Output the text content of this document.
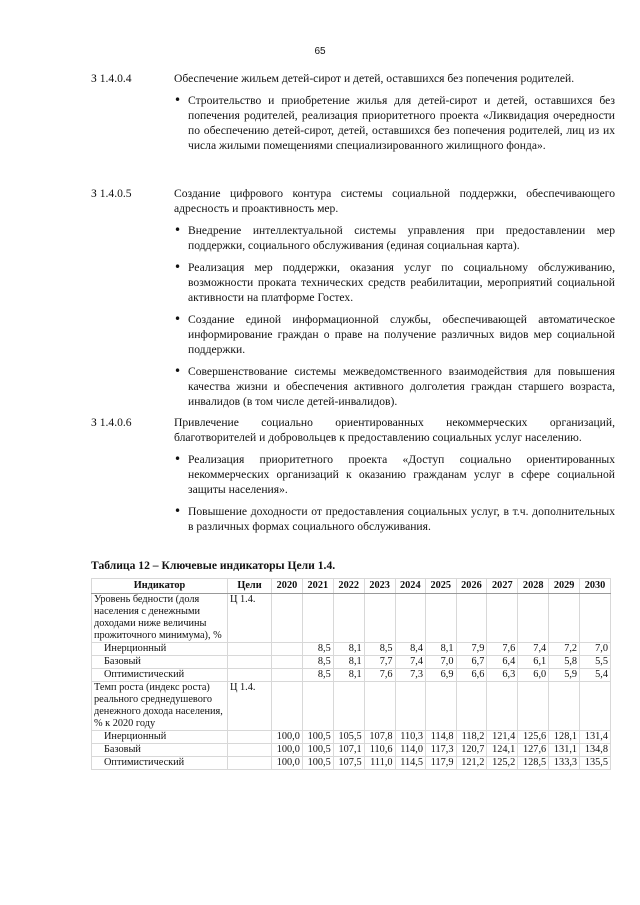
65
З 1.4.0.4	Обеспечение жильем детей-сирот и детей, оставшихся без попечения родителей.
• Строительство и приобретение жилья для детей-сирот и детей, оставшихся без попечения родителей, реализация приоритетного проекта «Ликвидация очередности по обеспечению детей-сирот, детей, оставшихся без попечения родителей, лиц из их числа жилыми помещениями специализированного жилищного фонда».
З 1.4.0.5	Создание цифрового контура системы социальной поддержки, обеспечивающего адресность и проактивность мер.
• Внедрение интеллектуальной системы управления при предоставлении мер поддержки, социального обслуживания (единая социальная карта).
• Реализация мер поддержки, оказания услуг по социальному обслуживанию, возможности проката технических средств реабилитации, мероприятий социальной активности на платформе Гостех.
• Создание единой информационной службы, обеспечивающей автоматическое информирование граждан о праве на получение различных видов мер социальной поддержки.
• Совершенствование системы межведомственного взаимодействия для повышения качества жизни и обеспечения активного долголетия граждан старшего возраста, инвалидов (в том числе детей-инвалидов).
З 1.4.0.6	Привлечение социально ориентированных некоммерческих организаций, благотворителей и добровольцев к предоставлению социальных услуг населению.
• Реализация приоритетного проекта «Доступ социально ориентированных некоммерческих организаций к оказанию гражданам услуг в сфере социальной защиты населения».
• Повышение доходности от предоставления социальных услуг, в т.ч. дополнительных в различных формах социального обслуживания.
Таблица 12 – Ключевые индикаторы Цели 1.4.
Индикатор	Цели	2020	2021	2022	2023	2024	2025	2026	2027	2028	2029	2030
Уровень бедности (доля населения с денежными доходами ниже величины прожиточного минимума), %	Ц 1.4.											
Инерционный			8,5	8,1	8,5	8,4	8,1	7,9	7,6	7,4	7,2	7,0
Базовый			8,5	8,1	7,7	7,4	7,0	6,7	6,4	6,1	5,8	5,5
Оптимистический			8,5	8,1	7,6	7,3	6,9	6,6	6,3	6,0	5,9	5,4
Темп роста (индекс роста) реального среднедушевого денежного дохода населения, % к 2020 году	Ц 1.4.											
Инерционный		100,0	100,5	105,5	107,8	110,3	114,8	118,2	121,4	125,6	128,1	131,4
Базовый		100,0	100,5	107,1	110,6	114,0	117,3	120,7	124,1	127,6	131,1	134,8
Оптимистический		100,0	100,5	107,5	111,0	114,5	117,9	121,2	125,2	128,5	133,3	135,5
